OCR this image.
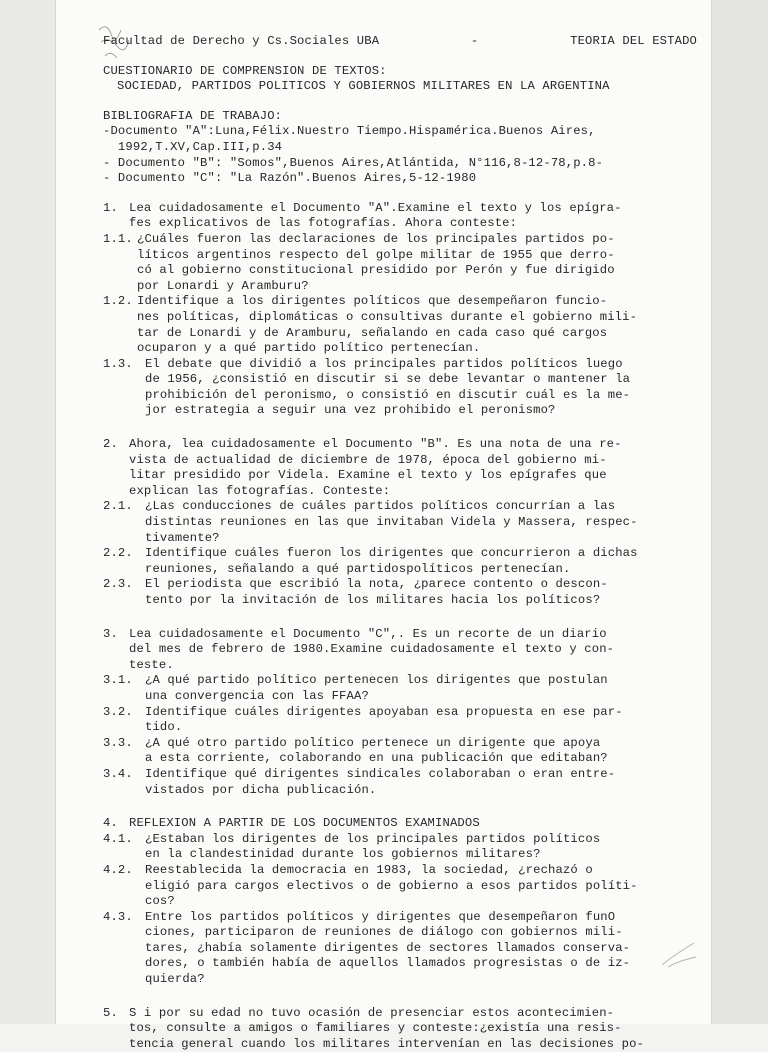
Facultad de Derecho y Cs.Sociales UBA	-	TEORIA DEL ESTADO
CUESTIONARIO DE COMPRENSION DE TEXTOS:
SOCIEDAD, PARTIDOS POLITICOS Y GOBIERNOS MILITARES EN LA ARGENTINA
BIBLIOGRAFIA DE TRABAJO:
-Documento "A":Luna,Félix.Nuestro Tiempo.Hispamérica.Buenos Aires,
1992,T.XV,Cap.III,p.34
- Documento "B": "Somos",Buenos Aires,Atlántida, N°116,8-12-78,p.8-
- Documento "C": "La Razón".Buenos Aires,5-12-1980
1. Lea cuidadosamente el Documento "A".Examine el texto y los epígra-
fes explicativos de las fotografías. Ahora conteste:
1.1. ¿Cuáles fueron las declaraciones de los principales partidos po-
líticos argentinos respecto del golpe militar de 1955 que derro-
có al gobierno constitucional presidido por Perón y fue dirigido
por Lonardi y Aramburu?
1.2. Identifique a los dirigentes políticos que desempeñaron funcio-
nes políticas, diplomáticas o consultivas durante el gobierno mili-
tar de Lonardi y de Aramburu, señalando en cada caso qué cargos
ocuparon y a qué partido político pertenecían.
1.3. El debate que dividió a los principales partidos políticos luego
de 1956, ¿consistió en discutir si se debe levantar o mantener la
prohibición del peronismo, o consistió en discutir cuál es la me-
jor estrategia a seguir una vez prohibido el peronismo?
2. Ahora, lea cuidadosamente el Documento "B". Es una nota de una re-
vista de actualidad de diciembre de 1978, época del gobierno mi-
litar presidido por Videla. Examine el texto y los epígrafes que
explican las fotografías. Conteste:
2.1. ¿Las conducciones de cuáles partidos políticos concurrían a las
distintas reuniones en las que invitaban Videla y Massera, respec-
tivamente?
2.2. Identifique cuáles fueron los dirigentes que concurrieron a dichas
reuniones, señalando a qué partidospolíticos pertenecían.
2.3. El periodista que escribió la nota, ¿parece contento o descon-
tento por la invitación de los militares hacia los políticos?
3. Lea cuidadosamente el Documento "C",. Es un recorte de un diario
del mes de febrero de 1980.Examine cuidadosamente el texto y con-
teste.
3.1. ¿A qué partido político pertenecen los dirigentes que postulan
una convergencia con las FFAA?
3.2. Identifique cuáles dirigentes apoyaban esa propuesta en ese par-
tido.
3.3. ¿A qué otro partido político pertenece un dirigente que apoya
a esta corriente, colaborando en una publicación que editaban?
3.4. Identifique qué dirigentes sindicales colaboraban o eran entre-
vistados por dicha publicación.
4. REFLEXION A PARTIR DE LOS DOCUMENTOS EXAMINADOS
4.1. ¿Estaban los dirigentes de los principales partidos políticos
en la clandestinidad durante los gobiernos militares?
4.2. Reestablecida la democracia en 1983, la sociedad, ¿rechazó o
eligió para cargos electivos o de gobierno a esos partidos políti-
cos?
4.3. Entre los partidos políticos y dirigentes que desempeñaron funO
ciones, participaron de reuniones de diálogo con gobiernos mili-
tares, ¿había solamente dirigentes de sectores llamados conserva-
dores, o también había de aquellos llamados progresistas o de iz-
quierda?
5. S i por su edad no tuvo ocasión de presenciar estos acontecimien-
tos, consulte a amigos o familiares y conteste:¿existía una resis-
tencia general cuando los militares intervenían en las decisiones po-
